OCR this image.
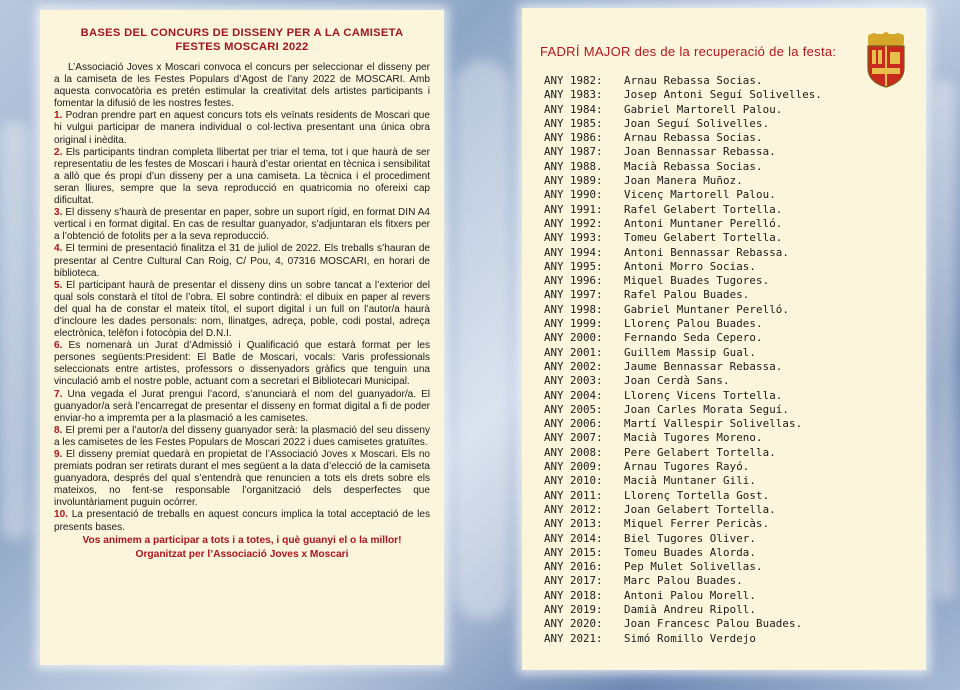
BASES DEL CONCURS DE DISSENY PER A LA CAMISETA
FESTES MOSCARI 2022

L’Associació Joves x Moscari convoca el concurs per seleccionar el disseny per a la camiseta de les Festes Populars d’Agost de l’any 2022 de MOSCARI. Amb aquesta convocatòria es pretén estimular la creativitat dels artistes participants i fomentar la difusió de les nostres festes.

1. Podran prendre part en aquest concurs tots els veïnats residents de Moscari que hi vulgui participar de manera individual o col·lectiva presentant una única obra original i inèdita.

2. Els participants tindran completa llibertat per triar el tema, tot i que haurà de ser representatiu de les festes de Moscari i haurà d’estar orientat en tècnica i sensibilitat a allò que és propi d’un disseny per a una camiseta. La tècnica i el procediment seran lliures, sempre que la seva reproducció en quatricomia no ofereixi cap dificultat.

3. El disseny s’haurà de presentar en paper, sobre un suport rígid, en format DIN A4 vertical i en format digital. En cas de resultar guanyador, s’adjuntaran els fitxers per a l’obtenció de fotolits per a la seva reproducció.

4. El termini de presentació finalitza el 31 de juliol de 2022. Els treballs s’hauran de presentar al Centre Cultural Can Roig, C/ Pou, 4, 07316 MOSCARI, en horari de biblioteca.

5. El participant haurà de presentar el disseny dins un sobre tancat a l’exterior del qual sols constarà el títol de l’obra. El sobre contindrà: el dibuix en paper al revers del qual ha de constar el mateix títol, el suport digital i un full on l’autor/a haurà d’incloure les dades personals: nom, llinatges, adreça, poble, codi postal, adreça electrònica, telèfon i fotocòpia del D.N.I.

6. Es nomenarà un Jurat d’Admissió i Qualificació que estarà format per les persones següents:President: El Batle de Moscari, vocals: Varis professionals seleccionats entre artistes, professors o dissenyadors gràfics que tenguin una vinculació amb el nostre poble, actuant com a secretari el Bibliotecari Municipal.

7. Una vegada el Jurat prengui l’acord, s’anunciarà el nom del guanyador/a. El guanyador/a serà l’encarregat de presentar el disseny en format digital a fi de poder enviar-ho a impremta per a la plasmació a les camisetes.

8. El premi per a l’autor/a del disseny guanyador serà: la plasmació del seu disseny a les camisetes de les Festes Populars de Moscari 2022 i dues camisetes gratuïtes.

9. El disseny premiat quedarà en propietat de l’Associació Joves x Moscari. Els no premiats podran ser retirats durant el mes següent a la data d’elecció de la camiseta guanyadora, després del qual s’entendrà que renuncien a tots els drets sobre els mateixos, no fent-se responsable l’organització dels desperfectes que involuntàriament puguin ocórrer.

10. La presentació de treballs en aquest concurs implica la total acceptació de les presents bases.

Vos animem a participar a tots i a totes, i què guanyi el o la millor!
Organitzat per l’Associació Joves x Moscari
FADRÍ MAJOR des de la recuperació de la festa:
ANY 1982:	Arnau Rebassa Socias.
ANY 1983:	Josep Antoni Seguí Solivelles.
ANY 1984:	Gabriel Martorell Palou.
ANY 1985:	Joan Seguí Solivelles.
ANY 1986:	Arnau Rebassa Socias.
ANY 1987:	Joan Bennassar Rebassa.
ANY 1988.	Macià Rebassa Socias.
ANY 1989:	Joan Manera Muñoz.
ANY 1990:	Vicenç Martorell Palou.
ANY 1991:	Rafel Gelabert Tortella.
ANY 1992:	Antoni Muntaner Perelló.
ANY 1993:	Tomeu Gelabert Tortella.
ANY 1994:	Antoni Bennassar Rebassa.
ANY 1995:	Antoni Morro Socias.
ANY 1996:	Miquel Buades Tugores.
ANY 1997:	Rafel Palou Buades.
ANY 1998:	Gabriel Muntaner Perelló.
ANY 1999:	Llorenç Palou Buades.
ANY 2000:	Fernando Seda Cepero.
ANY 2001:	Guillem Massip Gual.
ANY 2002:	Jaume Bennassar Rebassa.
ANY 2003:	Joan Cerdà Sans.
ANY 2004:	Llorenç Vicens Tortella.
ANY 2005:	Joan Carles Morata Seguí.
ANY 2006:	Martí Vallespir Solivellas.
ANY 2007:	Macià Tugores Moreno.
ANY 2008:	Pere Gelabert Tortella.
ANY 2009:	Arnau Tugores Rayó.
ANY 2010:	Macià Muntaner Gili.
ANY 2011:	Llorenç Tortella Gost.
ANY 2012:	Joan Gelabert Tortella.
ANY 2013:	Miquel Ferrer Pericàs.
ANY 2014:	Biel Tugores Oliver.
ANY 2015:	Tomeu Buades Alorda.
ANY 2016:	Pep Mulet Solivellas.
ANY 2017:	Marc Palou Buades.
ANY 2018:	Antoni Palou Morell.
ANY 2019:	Damià Andreu Ripoll.
ANY 2020:	Joan Francesc Palou Buades.
ANY 2021:	Simó Romillo Verdejo
